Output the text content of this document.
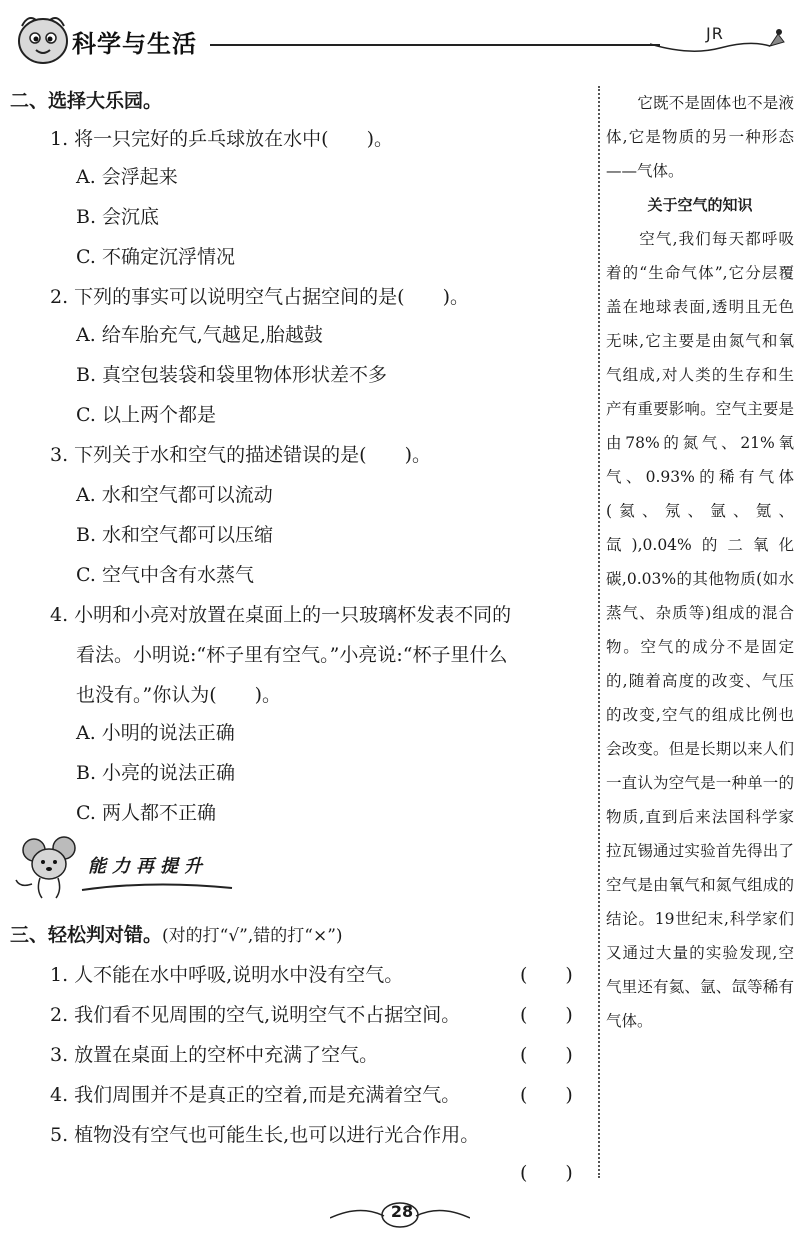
科学与生活	JR
二、选择大乐园。
1. 将一只完好的乒乓球放在水中(　　)。
A. 会浮起来
B. 会沉底
C. 不确定沉浮情况
2. 下列的事实可以说明空气占据空间的是(　　)。
A. 给车胎充气,气越足,胎越鼓
B. 真空包装袋和袋里物体形状差不多
C. 以上两个都是
3. 下列关于水和空气的描述错误的是(　　)。
A. 水和空气都可以流动
B. 水和空气都可以压缩
C. 空气中含有水蒸气
4. 小明和小亮对放置在桌面上的一只玻璃杯发表不同的
看法。小明说:“杯子里有空气。”小亮说:“杯子里什么
也没有。”你认为(　　)。
A. 小明的说法正确
B. 小亮的说法正确
C. 两人都不正确
能力再提升
三、轻松判对错。(对的打“√”,错的打“×”)
1. 人不能在水中呼吸,说明水中没有空气。	(　　)
2. 我们看不见周围的空气,说明空气不占据空间。	(　　)
3. 放置在桌面上的空杯中充满了空气。	(　　)
4. 我们周围并不是真正的空着,而是充满着空气。	(　　)
5. 植物没有空气也可能生长,也可以进行光合作用。
(　　)

　　它既不是固体也不是液体,它是物质的另一种形态——气体。

关于空气的知识

　　空气,我们每天都呼吸着的“生命气体”,它分层覆盖在地球表面,透明且无色无味,它主要是由氮气和氧气组成,对人类的生存和生产有重要影响。空气主要是由78%的氮气、21%氧气、0.93%的稀有气体(氦、氖、氩、氪、氙),0.04%的二氧化碳,0.03%的其他物质(如水蒸气、杂质等)组成的混合物。空气的成分不是固定的,随着高度的改变、气压的改变,空气的组成比例也会改变。但是长期以来人们一直认为空气是一种单一的物质,直到后来法国科学家拉瓦锡通过实验首先得出了空气是由氧气和氮气组成的结论。19世纪末,科学家们又通过大量的实验发现,空气里还有氦、氩、氙等稀有气体。

28
